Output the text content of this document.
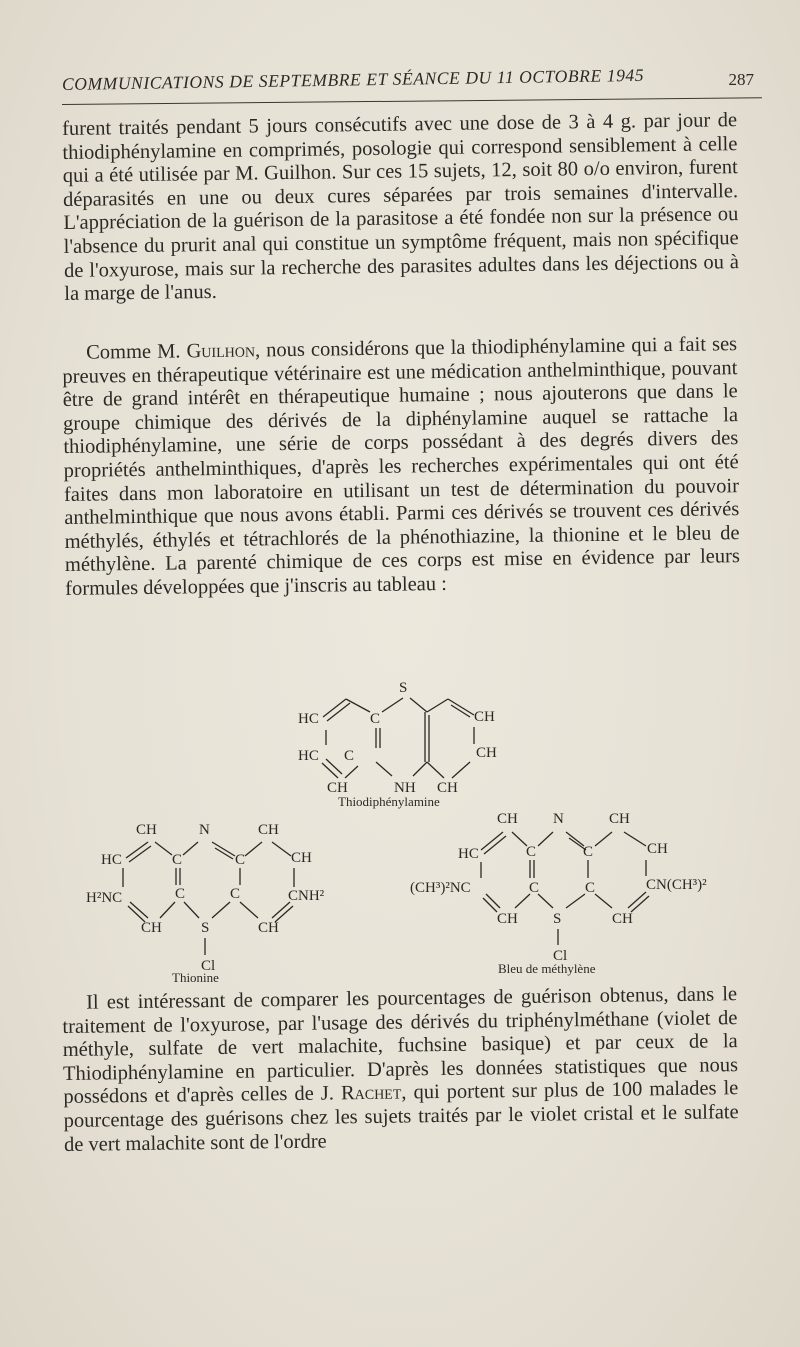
COMMUNICATIONS DE SEPTEMBRE ET SÉANCE DU 11 OCTOBRE 1945	287
furent traités pendant 5 jours consécutifs avec une dose de 3 à 4 g. par jour de thiodiphénylamine en comprimés, posologie qui correspond sensiblement à celle qui a été utilisée par M. Guilhon. Sur ces 15 sujets, 12, soit 80 o/o environ, furent déparasités en une ou deux cures séparées par trois semaines d'intervalle. L'appréciation de la guérison de la parasitose a été fondée non sur la présence ou l'absence du prurit anal qui constitue un symptôme fréquent, mais non spécifique de l'oxyurose, mais sur la recherche des parasites adultes dans les déjections ou à la marge de l'anus.
Comme M. Guilhon, nous considérons que la thiodiphénylamine qui a fait ses preuves en thérapeutique vétérinaire est une médication anthelminthique, pouvant être de grand intérêt en thérapeutique humaine ; nous ajouterons que dans le groupe chimique des dérivés de la diphénylamine auquel se rattache la thiodiphénylamine, une série de corps possédant à des degrés divers des propriétés anthelminthiques, d'après les recherches expérimentales qui ont été faites dans mon laboratoire en utilisant un test de détermination du pouvoir anthelminthique que nous avons établi. Parmi ces dérivés se trouvent ces dérivés méthylés, éthylés et tétrachlorés de la phénothiazine, la thionine et le bleu de méthylène. La parenté chimique de ces corps est mise en évidence par leurs formules développées que j'inscris au tableau :
S
HC	C	CH
HC C	CH
CH	NH CH
Thiodiphénylamine
CH	N	CH
HC	C	C	CH
H²NC	C	C	CNH²
CH	S	CH
Cl
Thionine
CH N	CH
HC	C	C	CH
(CH³)²NC	C	C	CN(CH³)²
CH S	CH
Cl
Bleu de méthylène
Il est intéressant de comparer les pourcentages de guérison obtenus, dans le traitement de l'oxyurose, par l'usage des dérivés du triphénylméthane (violet de méthyle, sulfate de vert malachite, fuchsine basique) et par ceux de la Thiodiphénylamine en particulier. D'après les données statistiques que nous possédons et d'après celles de J. Rachet, qui portent sur plus de 100 malades le pourcentage des guérisons chez les sujets traités par le violet cristal et le sulfate de vert malachite sont de l'ordre
